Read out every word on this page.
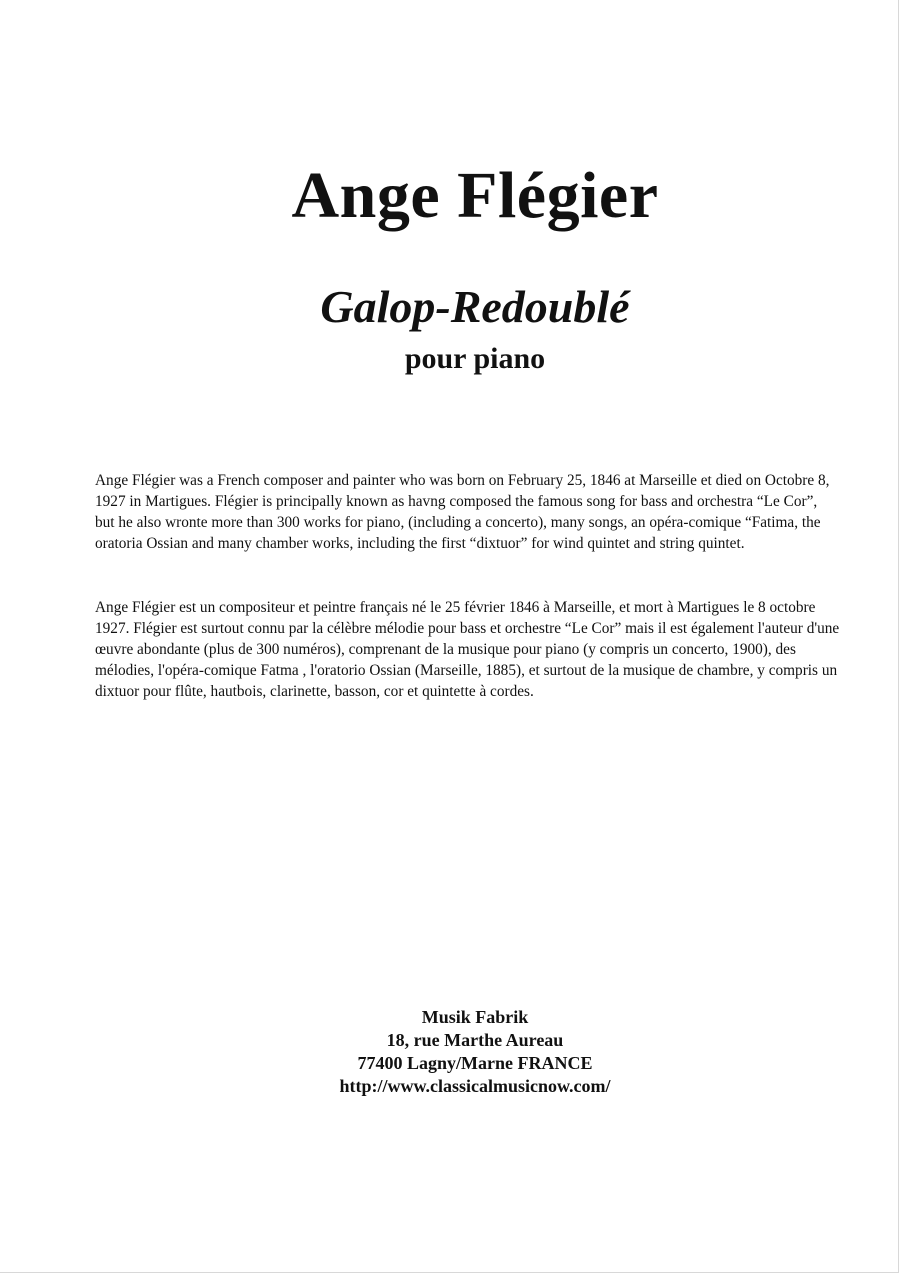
Ange Flégier
Galop-Redoublé
pour piano

Ange Flégier was a French composer and painter who was born on February 25, 1846 at Marseille et died on Octobre 8, 1927 in Martigues. Flégier is principally known as havng composed the famous song for bass and orchestra “Le Cor”, but he also wronte more than 300 works for piano, (including a concerto), many songs, an opéra-comique “Fatima, the oratoria Ossian and many chamber works, including the first “dixtuor” for wind quintet and string quintet.

Ange Flégier est un compositeur et peintre français né le 25 février 1846 à Marseille, et mort à Martigues le 8 octobre 1927. Flégier est surtout connu par la célèbre mélodie pour bass et orchestre “Le Cor” mais il est également l'auteur d'une œuvre abondante (plus de 300 numéros), comprenant de la musique pour piano (y compris un concerto, 1900), des mélodies, l'opéra-comique Fatma , l'oratorio Ossian (Marseille, 1885), et surtout de la musique de chambre, y compris un dixtuor pour flûte, hautbois, clarinette, basson, cor et quintette à cordes.

Musik Fabrik
18, rue Marthe Aureau
77400 Lagny/Marne FRANCE
http://www.classicalmusicnow.com/
